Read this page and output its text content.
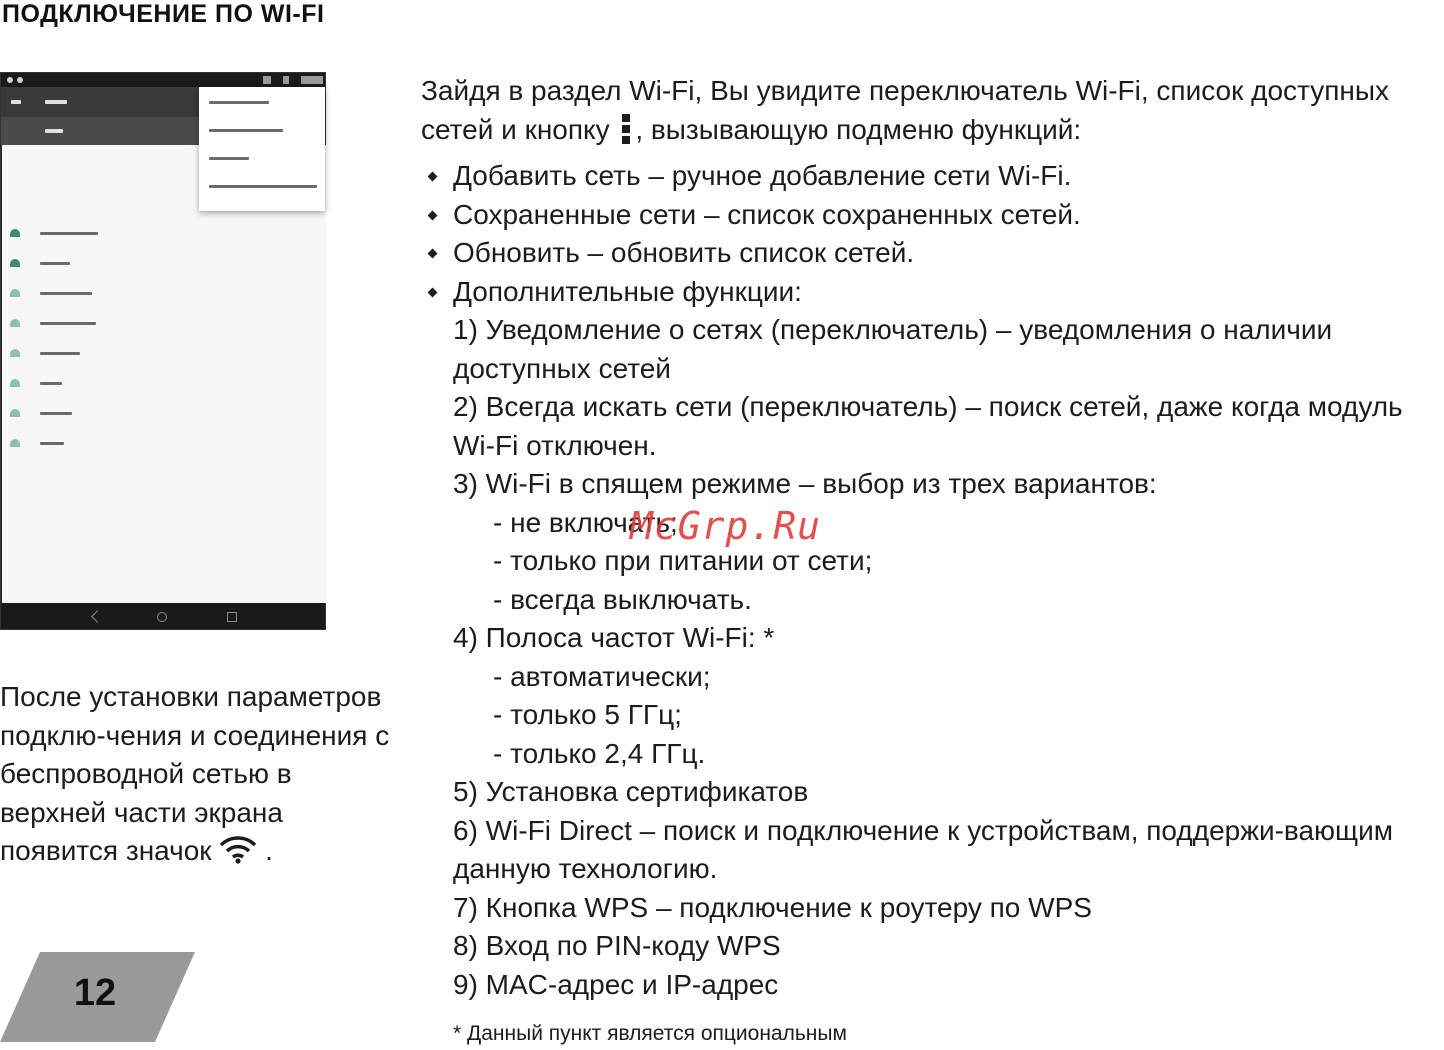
ПОДКЛЮЧЕНИЕ ПО WI-FI
После установки параметров подклю-чения и соединения с беспроводной сетью в верхней части экрана появится значок .
12

Зайдя в раздел Wi-Fi, Вы увидите переключатель Wi-Fi, список доступных сетей и кнопку , вызывающую подменю функций:

Добавить сеть – ручное добавление сети Wi-Fi.
Сохраненные сети – список сохраненных сетей.
Обновить – обновить список сетей.
Дополнительные функции:

1) Уведомление о сетях (переключатель) – уведомления о наличии доступных сетей

2) Всегда искать сети (переключатель) – поиск сетей, даже когда модуль Wi-Fi отключен.

3) Wi-Fi в спящем режиме – выбор из трех вариантов:

- не включать;

- только при питании от сети;

- всегда выключать.

4) Полоса частот Wi-Fi: *

- автоматически;

- только 5 ГГц;

- только 2,4 ГГц.

5) Установка сертификатов

6) Wi-Fi Direct – поиск и подключение к устройствам, поддержи-вающим данную технологию.

7) Кнопка WPS – подключение к роутеру по WPS

8) Вход по PIN-коду WPS

9) MAC-адрес и IP-адрес

* Данный пункт является опциональным
McGrp.Ru
